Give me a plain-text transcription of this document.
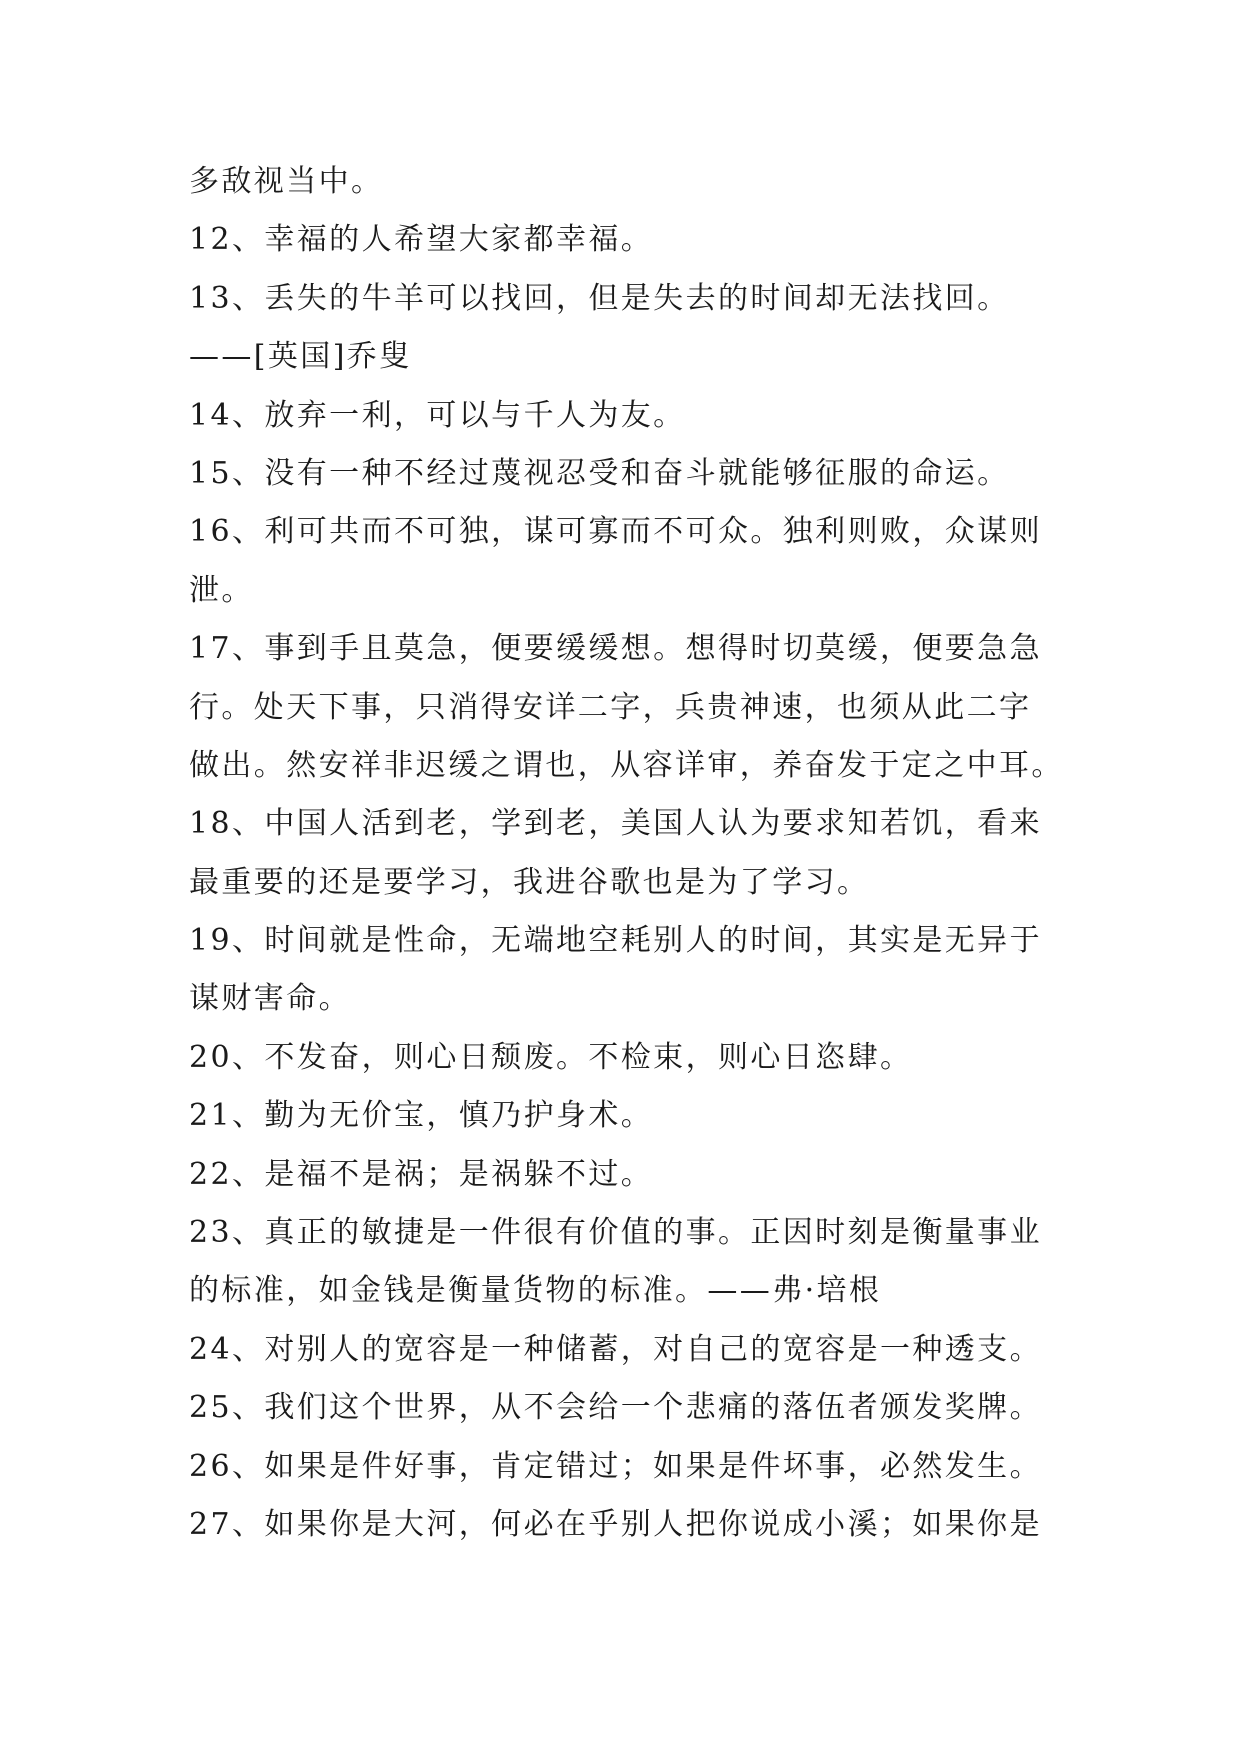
多敌视当中。
12、幸福的人希望大家都幸福。
13、丢失的牛羊可以找回，但是失去的时间却无法找回。
——[英国]乔叟
14、放弃一利，可以与千人为友。
15、没有一种不经过蔑视忍受和奋斗就能够征服的命运。
16、利可共而不可独，谋可寡而不可众。独利则败，众谋则
泄。
17、事到手且莫急，便要缓缓想。想得时切莫缓，便要急急
行。处天下事，只消得安详二字，兵贵神速，也须从此二字
做出。然安祥非迟缓之谓也，从容详审，养奋发于定之中耳。
18、中国人活到老，学到老，美国人认为要求知若饥，看来
最重要的还是要学习，我进谷歌也是为了学习。
19、时间就是性命，无端地空耗别人的时间，其实是无异于
谋财害命。
20、不发奋，则心日颓废。不检束，则心日恣肆。
21、勤为无价宝，慎乃护身术。
22、是福不是祸；是祸躲不过。
23、真正的敏捷是一件很有价值的事。正因时刻是衡量事业
的标准，如金钱是衡量货物的标准。——弗·培根
24、对别人的宽容是一种储蓄，对自己的宽容是一种透支。
25、我们这个世界，从不会给一个悲痛的落伍者颁发奖牌。
26、如果是件好事，肯定错过；如果是件坏事，必然发生。
27、如果你是大河，何必在乎别人把你说成小溪；如果你是
